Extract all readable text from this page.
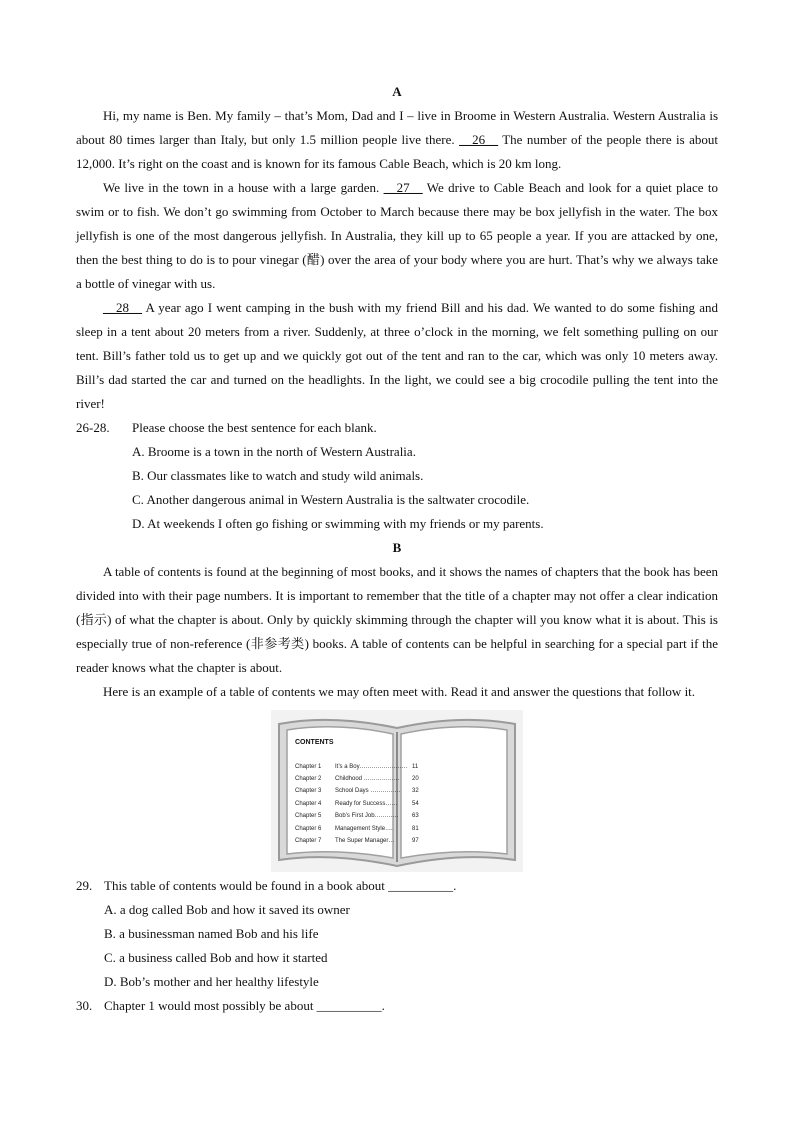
A

Hi, my name is Ben. My family – that’s Mom, Dad and I – live in Broome in Western Australia. Western Australia is about 80 times larger than Italy, but only 1.5 million people live there. __26__ The number of the people there is about 12,000. It’s right on the coast and is known for its famous Cable Beach, which is 20 km long.

We live in the town in a house with a large garden. __27__ We drive to Cable Beach and look for a quiet place to swim or to fish. We don’t go swimming from October to March because there may be box jellyfish in the water. The box jellyfish is one of the most dangerous jellyfish. In Australia, they kill up to 65 people a year. If you are attacked by one, then the best thing to do is to pour vinegar (醋) over the area of your body where you are hurt. That’s why we always take a bottle of vinegar with us.

__28__ A year ago I went camping in the bush with my friend Bill and his dad. We wanted to do some fishing and sleep in a tent about 20 meters from a river. Suddenly, at three o’clock in the morning, we felt something pulling on our tent. Bill’s father told us to get up and we quickly got out of the tent and ran to the car, which was only 10 meters away. Bill’s dad started the car and turned on the headlights. In the light, we could see a big crocodile pulling the tent into the river!

26-28.	Please choose the best sentence for each blank.
A. Broome is a town in the north of Western Australia.
B. Our classmates like to watch and study wild animals.
C. Another dangerous animal in Western Australia is the saltwater crocodile.
D. At weekends I often go fishing or swimming with my friends or my parents.
B

A table of contents is found at the beginning of most books, and it shows the names of chapters that the book has been divided into with their page numbers. It is important to remember that the title of a chapter may not offer a clear indication (指示) of what the chapter is about. Only by quickly skimming through the chapter will you know what it is about. This is especially true of non-reference (非参考类) books. A table of contents can be helpful in searching for a special part if the reader knows what the chapter is about.

Here is an example of a table of contents we may often meet with. Read it and answer the questions that follow it.

CONTENTS
Chapter 1 It’s a Boy…………………… 11
Chapter 2 Childhood ……………… 20
Chapter 3 School Days …………… 32
Chapter 4 Ready for Success…… 54
Chapter 5 Bob’s First Job………… 63
Chapter 6 Management Style….	81
Chapter 7 The Super Manager…	97
29. This table of contents would be found in a book about __________.
A. a dog called Bob and how it saved its owner
B. a businessman named Bob and his life
C. a business called Bob and how it started
D. Bob’s mother and her healthy lifestyle
30. Chapter 1 would most possibly be about __________.
